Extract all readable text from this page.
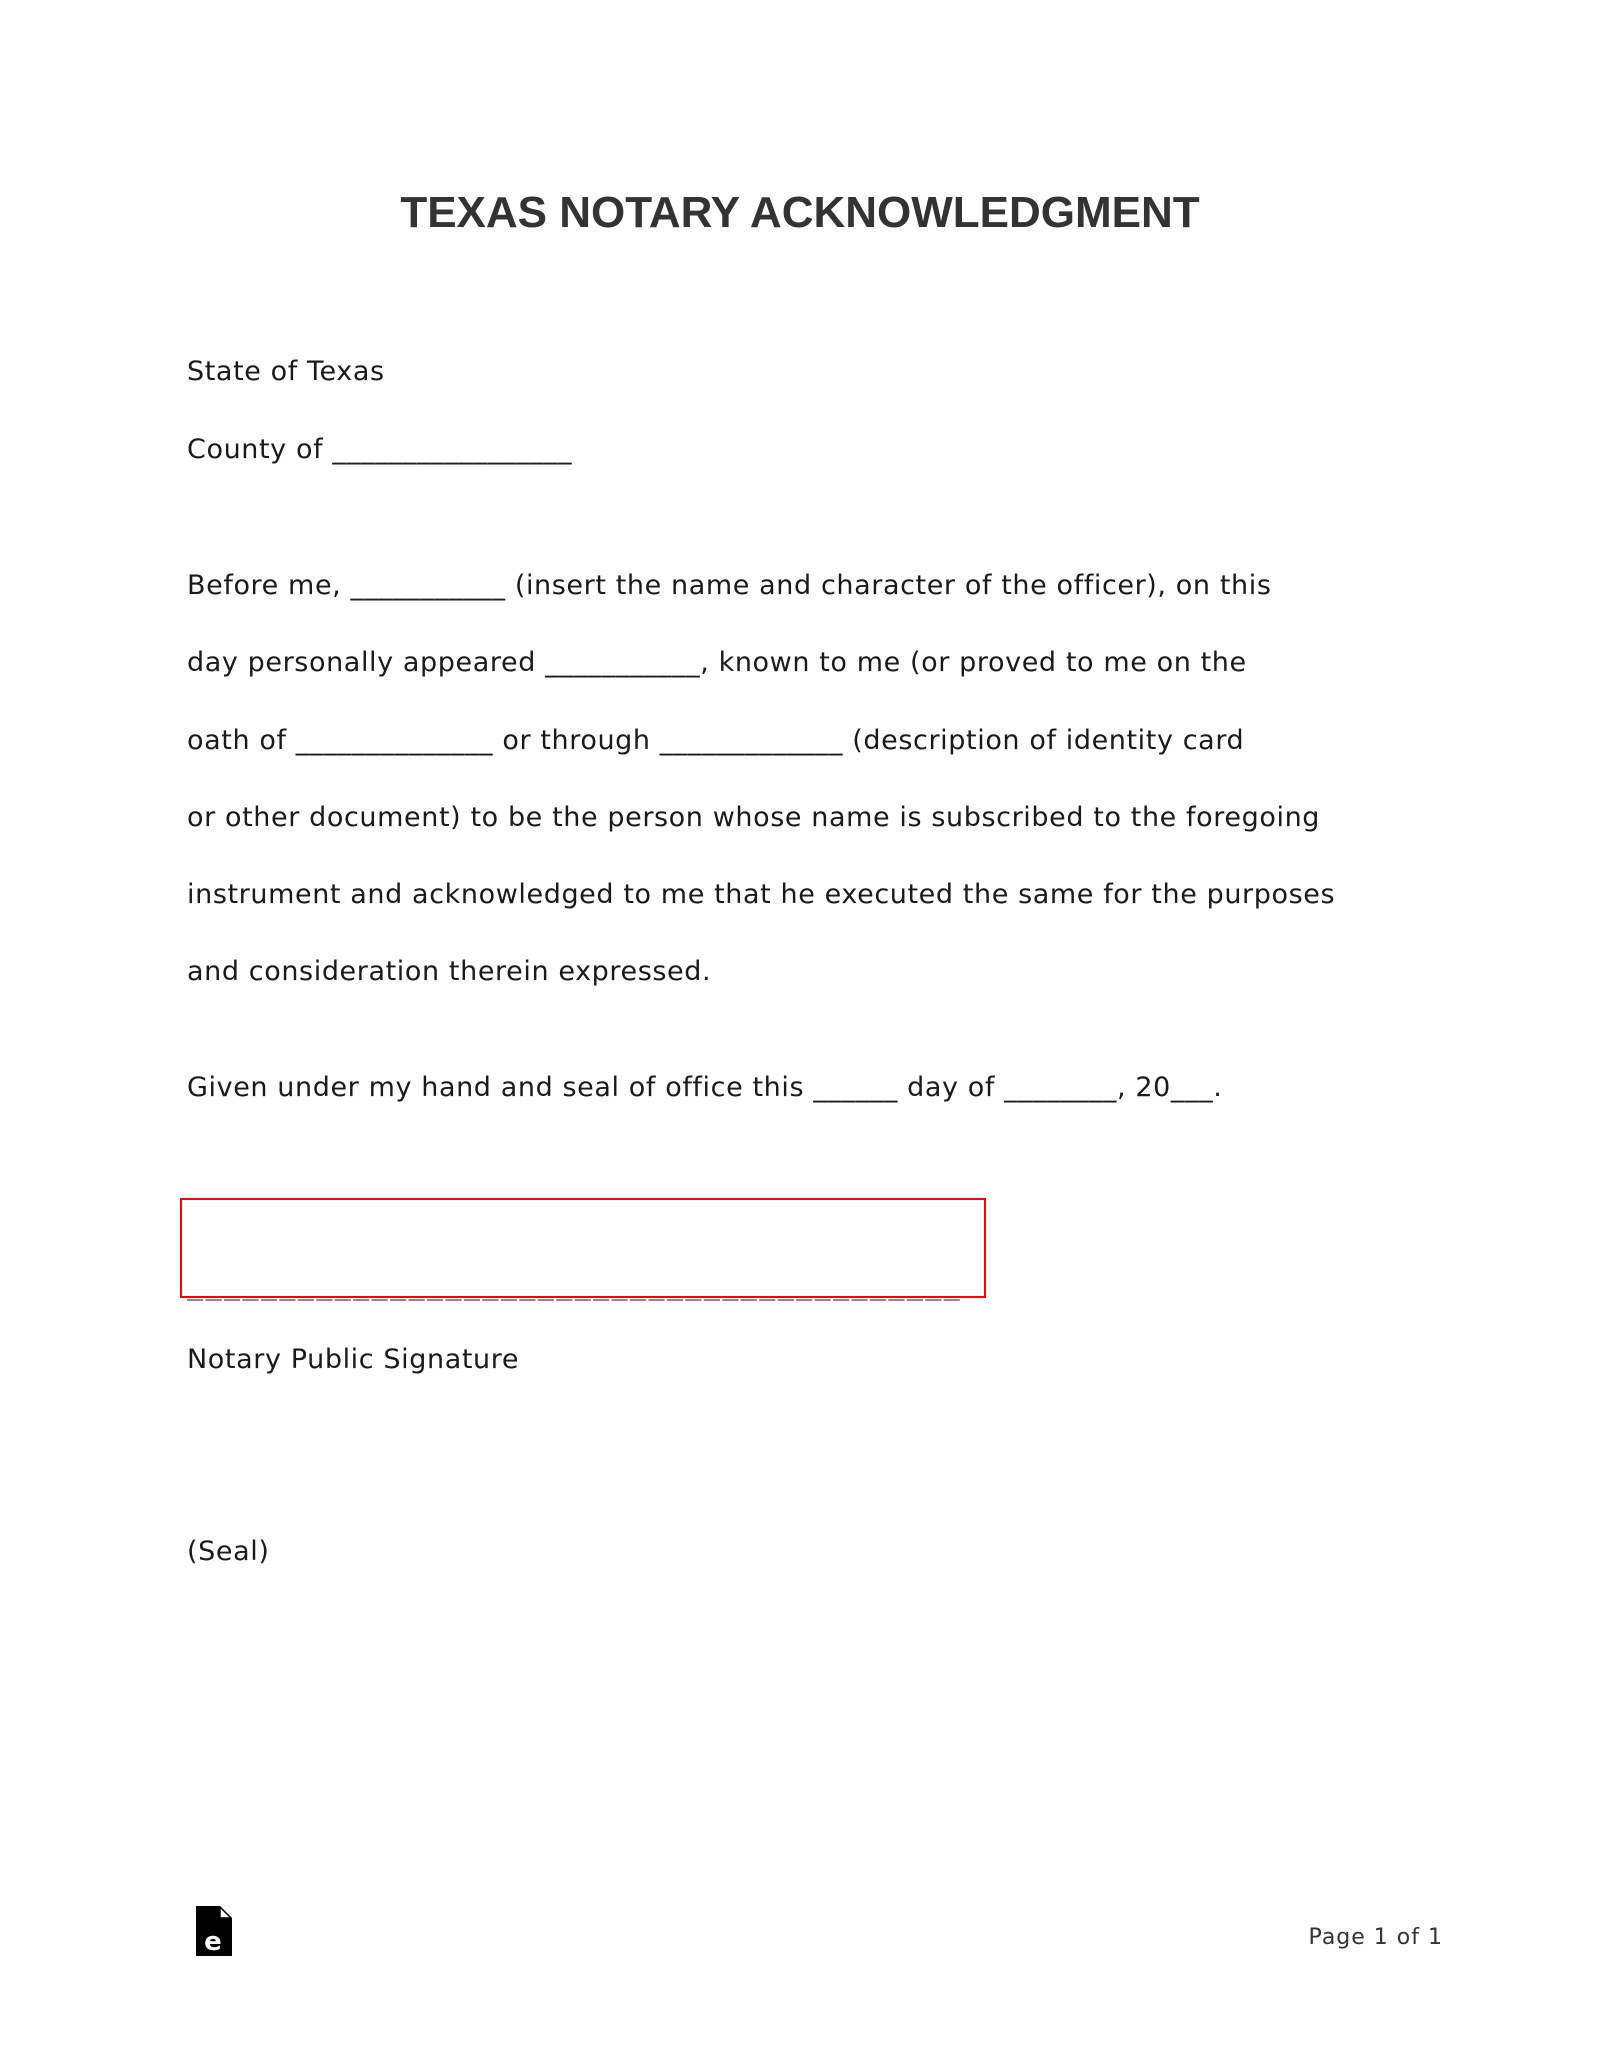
TEXAS NOTARY ACKNOWLEDGMENT
State of Texas
County of _________________
Before me, ___________ (insert the name and character of the officer), on this
day personally appeared ___________, known to me (or proved to me on the
oath of ______________ or through _____________ (description of identity card
or other document) to be the person whose name is subscribed to the foregoing
instrument and acknowledged to me that he executed the same for the purposes
and consideration therein expressed.
Given under my hand and seal of office this ______ day of ________, 20___.
__________________________________________
Notary Public Signature
(Seal)
e	Page 1 of 1
